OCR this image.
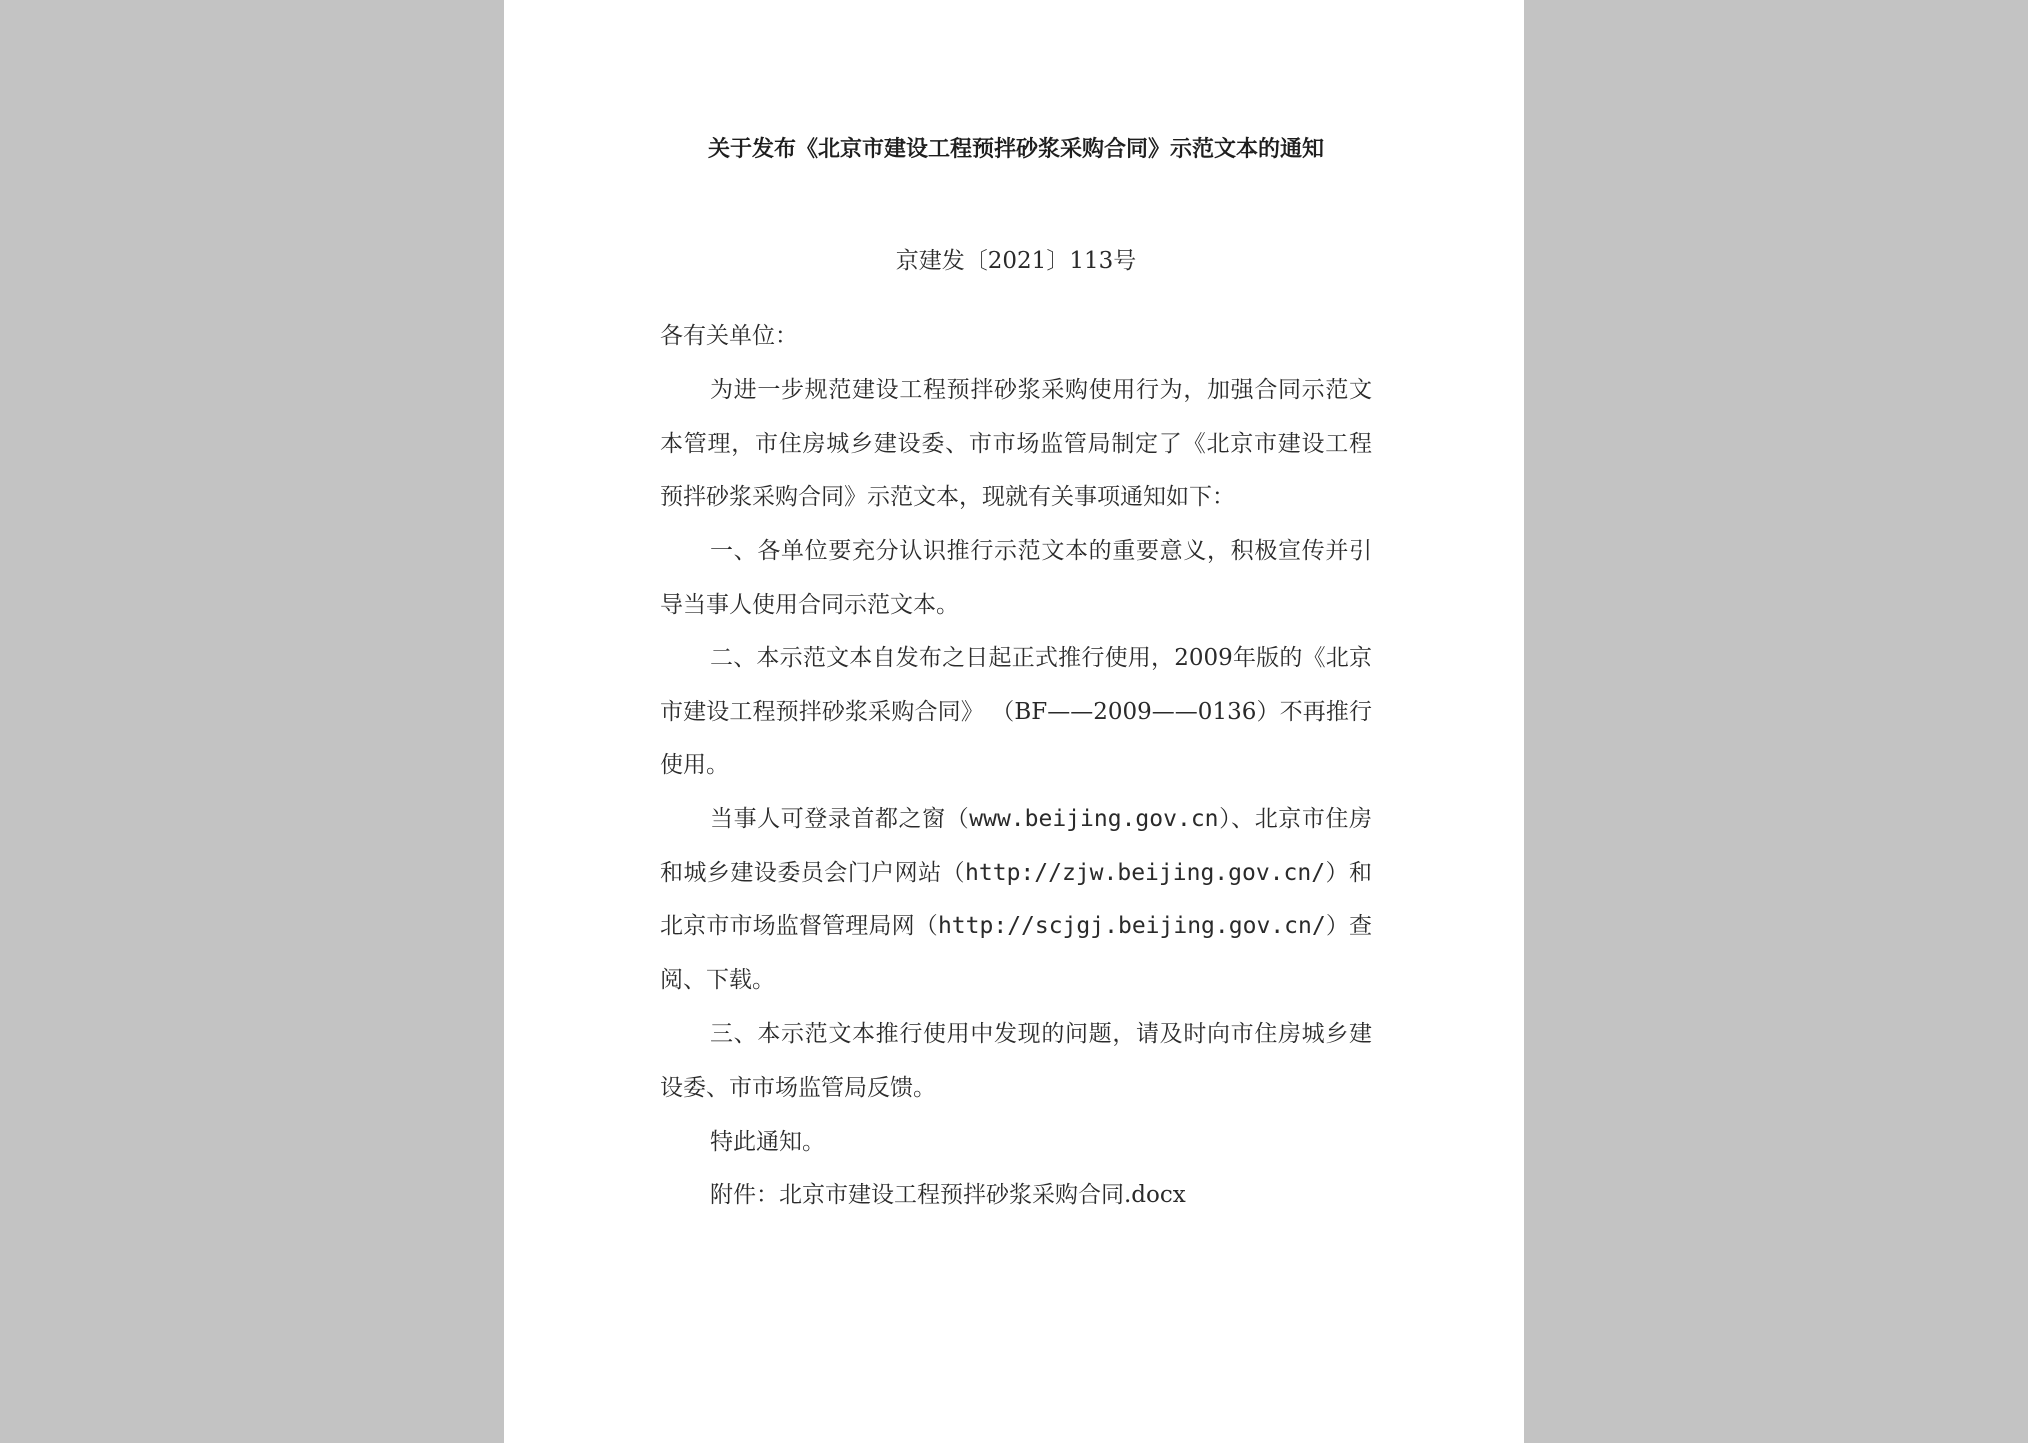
关于发布《北京市建设工程预拌砂浆采购合同》示范文本的通知
京建发〔2021〕113号
各有关单位：
为进一步规范建设工程预拌砂浆采购使用行为，加强合同示范文本管理，市住房城乡建设委、市市场监管局制定了《北京市建设工程预拌砂浆采购合同》示范文本，现就有关事项通知如下：
一、各单位要充分认识推行示范文本的重要意义，积极宣传并引导当事人使用合同示范文本。
二、本示范文本自发布之日起正式推行使用，2009年版的《北京市建设工程预拌砂浆采购合同》 （BF——2009——0136）不再推行使用。
当事人可登录首都之窗（www.beijing.gov.cn）、北京市住房和城乡建设委员会门户网站（http://zjw.beijing.gov.cn/）和北京市市场监督管理局网（http://scjgj.beijing.gov.cn/）查阅、下载。
三、本示范文本推行使用中发现的问题，请及时向市住房城乡建设委、市市场监管局反馈。
特此通知。
附件：北京市建设工程预拌砂浆采购合同.docx
